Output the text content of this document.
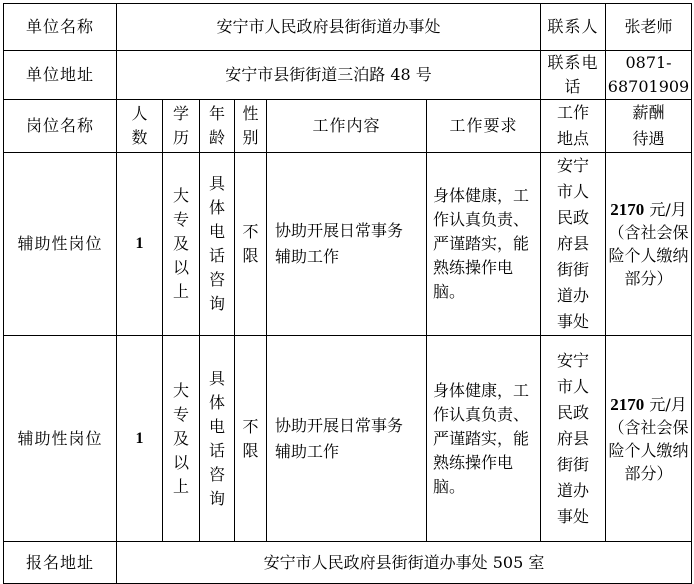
单位名称	安宁市人民政府县街街道办事处						联系人	张老师
单位地址	安宁市县街街道三泊路 48 号						联系电话	0871-68701909
岗位名称	人数	学历	年龄	性别	工作内容	工作要求	工作地点	薪酬待遇
辅助性岗位	1	大专及以上	具体电话咨询	不限	协助开展日常事务辅助工作	身体健康，工作认真负责、严谨踏实，能熟练操作电脑。	安宁市人民政府县街街道办事处	2170 元/月（含社会保险个人缴纳部分）
辅助性岗位	1	大专及以上	具体电话咨询	不限	协助开展日常事务辅助工作	身体健康，工作认真负责、严谨踏实，能熟练操作电脑。	安宁市人民政府县街街道办事处	2170 元/月（含社会保险个人缴纳部分）
报名地址	安宁市人民政府县街街道办事处 505 室							
